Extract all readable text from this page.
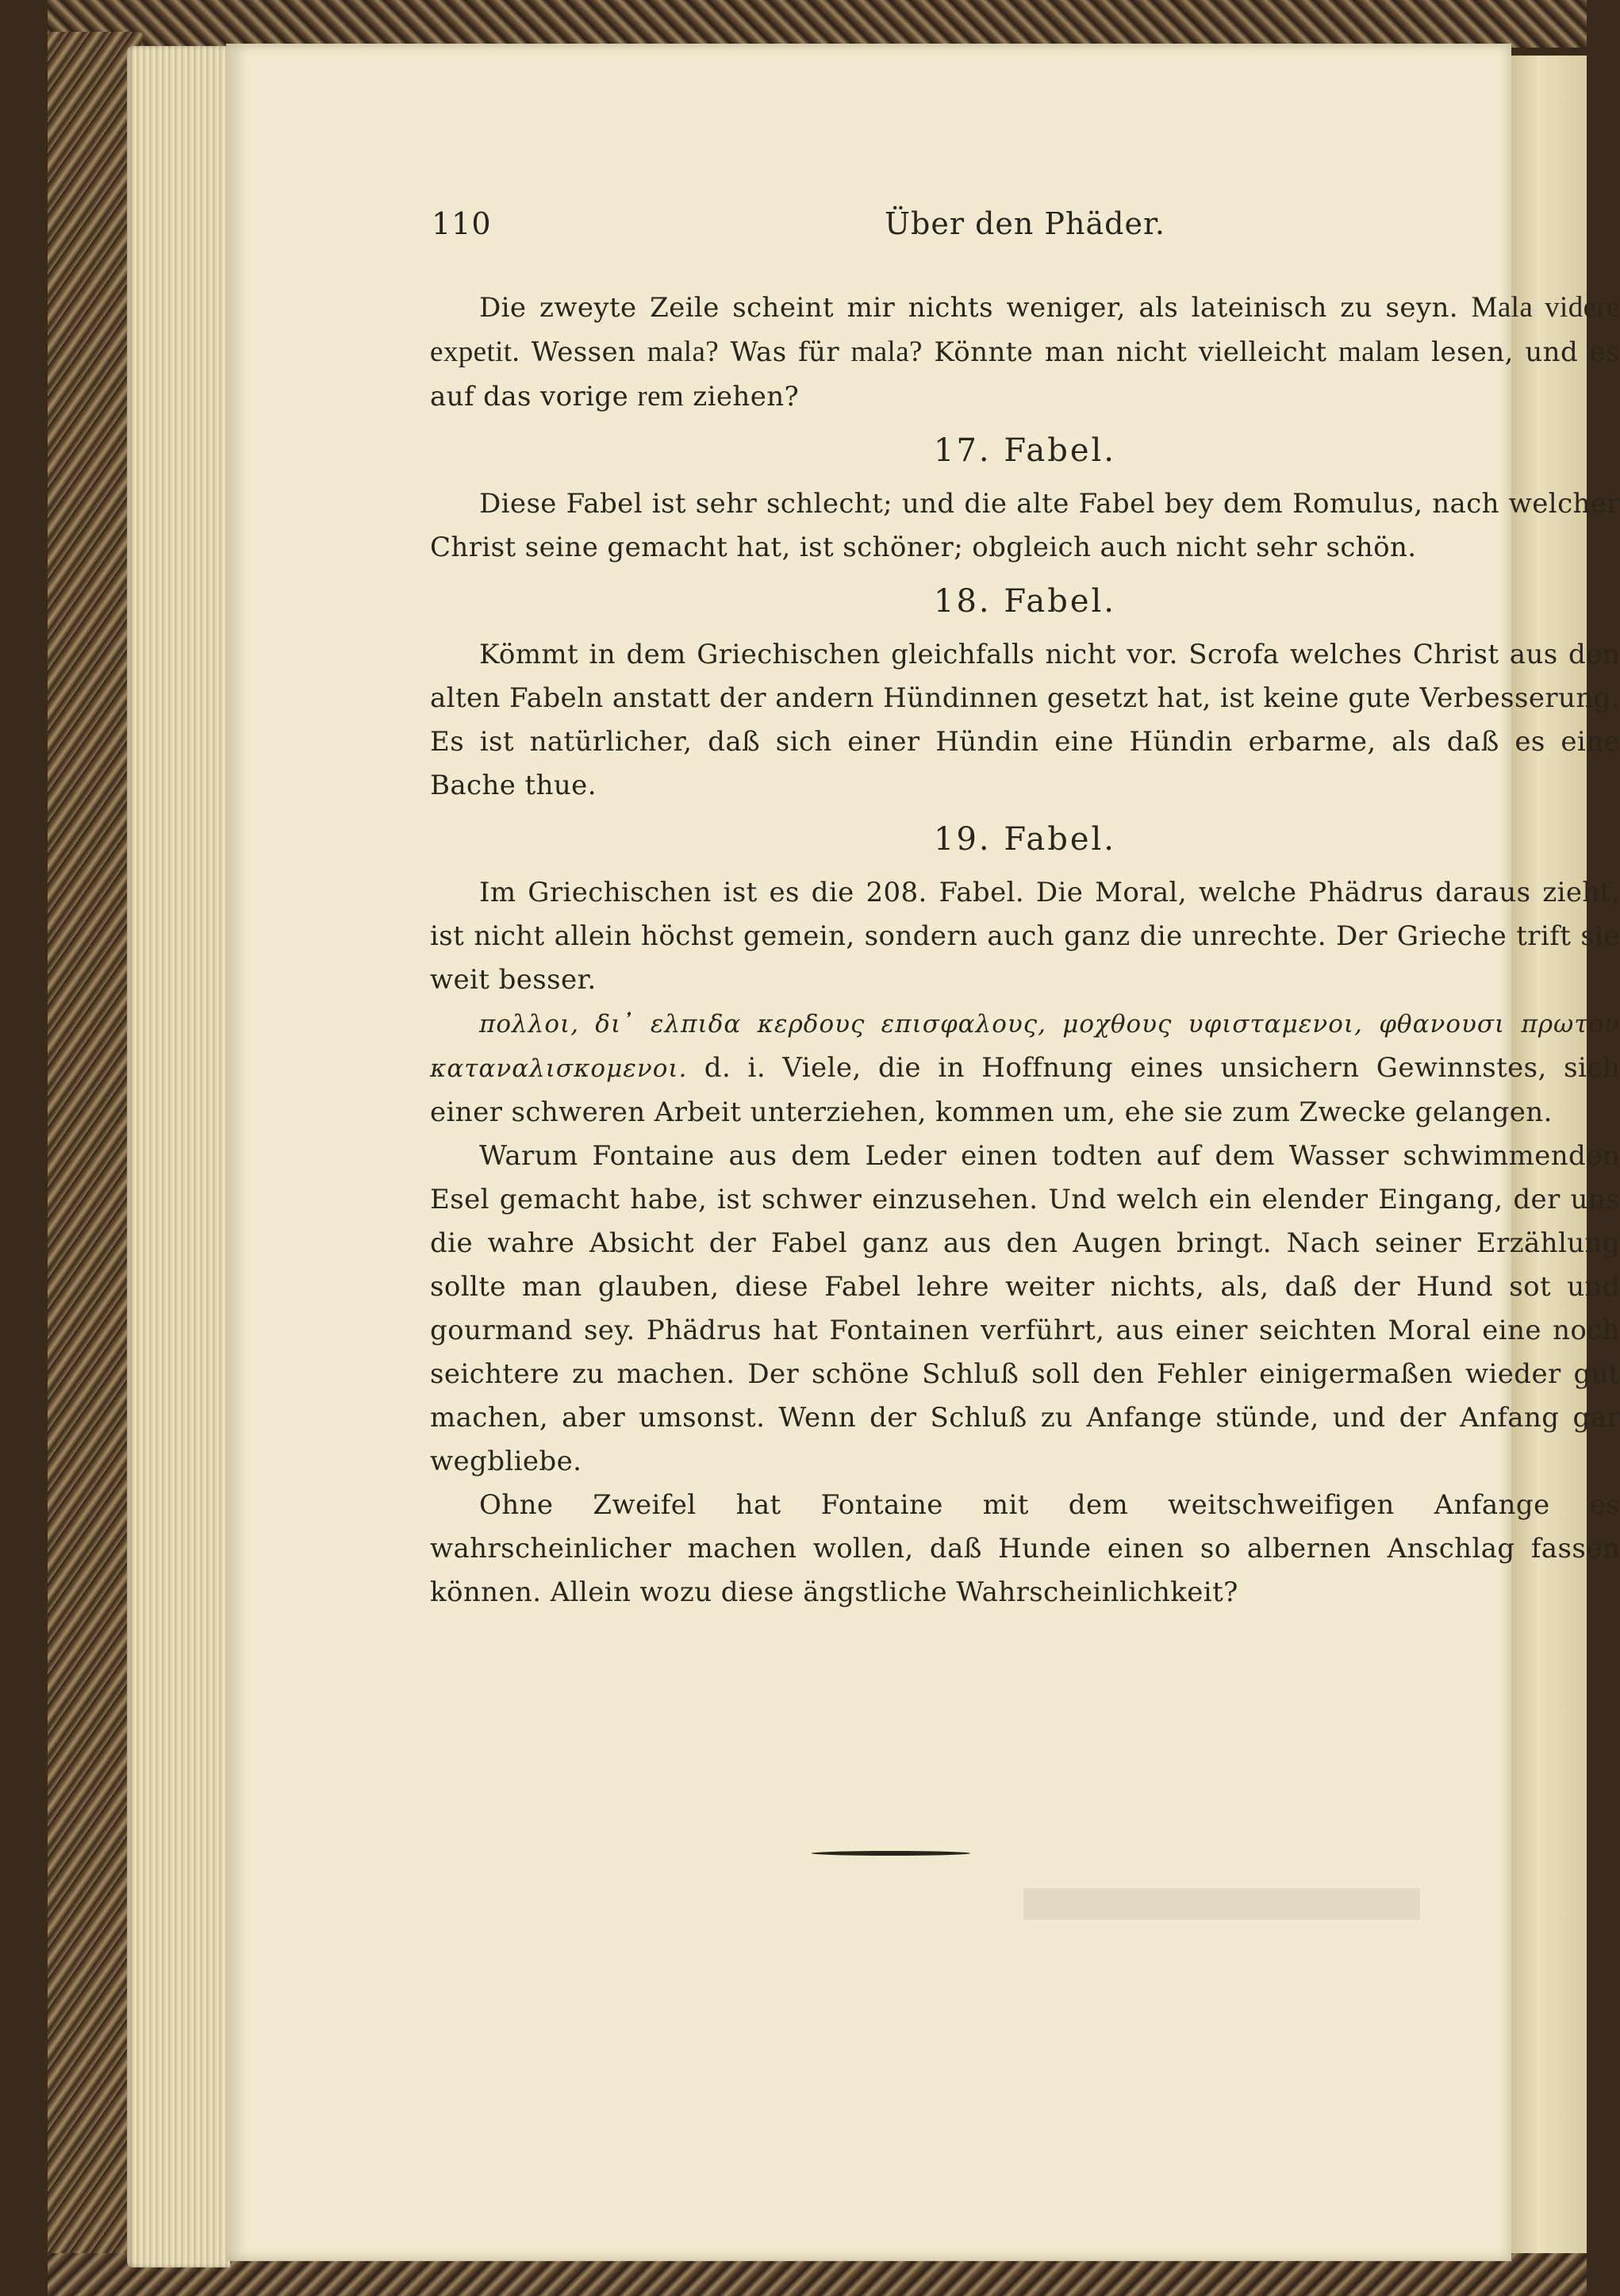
110	Über den Phäder.

Die zweyte Zeile scheint mir nichts weniger, als lateinisch zu seyn. Mala videre expetit. Wessen mala? Was für mala? Könnte man nicht vielleicht malam lesen, und es auf das vorige rem ziehen?

17. Fabel.

Diese Fabel ist sehr schlecht; und die alte Fabel bey dem Romulus, nach welcher Christ seine gemacht hat, ist schöner; obgleich auch nicht sehr schön.

18. Fabel.

Kömmt in dem Griechischen gleichfalls nicht vor. Scrofa welches Christ aus den alten Fabeln anstatt der andern Hündinnen gesetzt hat, ist keine gute Verbesserung. Es ist natürlicher, daß sich einer Hündin eine Hündin erbarme, als daß es eine Bache thue.

19. Fabel.

Im Griechischen ist es die 208. Fabel. Die Moral, welche Phädrus daraus zieht, ist nicht allein höchst gemein, sondern auch ganz die unrechte. Der Grieche trift sie weit besser.

πολλοι, δι᾽ ελπιδα κερδους επισφαλους, μοχθους υφισταμενοι, φθανουσι πρωτον καταναλισκομενοι. d. i. Viele, die in Hoffnung eines unsichern Gewinnstes, sich einer schweren Arbeit unterziehen, kommen um, ehe sie zum Zwecke gelangen.

Warum Fontaine aus dem Leder einen todten auf dem Wasser schwimmenden Esel gemacht habe, ist schwer einzusehen. Und welch ein elender Eingang, der uns die wahre Absicht der Fabel ganz aus den Augen bringt. Nach seiner Erzählung sollte man glauben, diese Fabel lehre weiter nichts, als, daß der Hund sot und gourmand sey. Phädrus hat Fontainen verführt, aus einer seichten Moral eine noch seichtere zu machen. Der schöne Schluß soll den Fehler einigermaßen wieder gut machen, aber umsonst. Wenn der Schluß zu Anfange stünde, und der Anfang gar wegbliebe.

Ohne Zweifel hat Fontaine mit dem weitschweifigen Anfange es wahrscheinlicher machen wollen, daß Hunde einen so albernen Anschlag fassen können. Allein wozu diese ängstliche Wahrscheinlichkeit?
